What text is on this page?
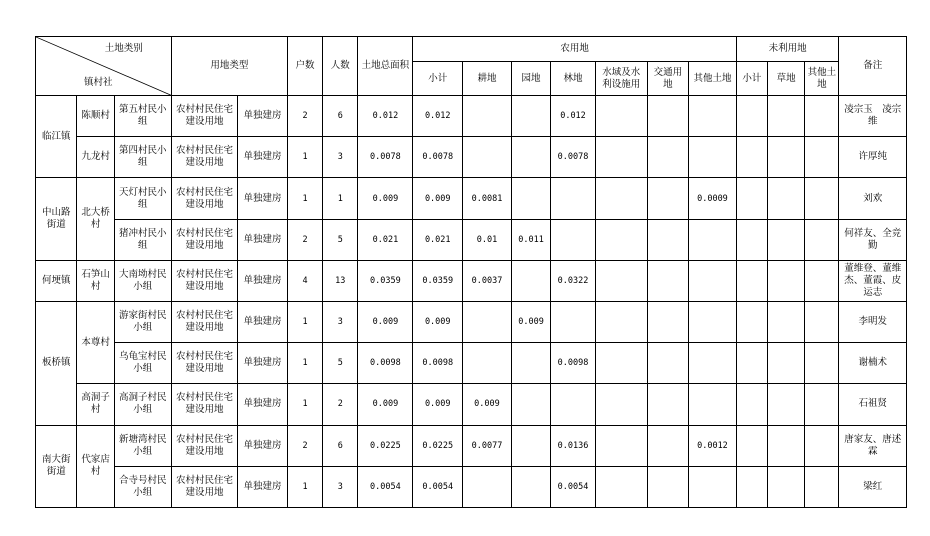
土地类别
镇村社			用地类型		户数	人数	土地总面积	农用地							未利用地			备注
								小计	耕地	园地	林地	水域及水利设施用	交通用地	其他土地	小计	草地	其他土地	
临江镇	陈顺村	第五村民小组	农村村民住宅建设用地	单独建房	2	6	0.012	0.012			0.012							凌宗玉　凌宗维
	九龙村	第四村民小组	农村村民住宅建设用地	单独建房	1	3	0.0078	0.0078			0.0078							许厚纯
中山路街道	北大桥村	天灯村民小组	农村村民住宅建设用地	单独建房	1	1	0.009	0.009	0.0081					0.0009				刘欢
		猪冲村民小组	农村村民住宅建设用地	单独建房	2	5	0.021	0.021	0.01	0.011								何祥友、全竞勤
何埂镇	石笋山村	大南坳村民小组	农村村民住宅建设用地	单独建房	4	13	0.0359	0.0359	0.0037		0.0322							董维登、董维杰、董霞、皮运志
板桥镇	本尊村	游家街村民小组	农村村民住宅建设用地	单独建房	1	3	0.009	0.009		0.009								李明发
		乌龟宝村民小组	农村村民住宅建设用地	单独建房	1	5	0.0098	0.0098			0.0098							谢楠术
	高洞子村	高洞子村民小组	农村村民住宅建设用地	单独建房	1	2	0.009	0.009	0.009									石祖贤
南大街街道	代家店村	新塘湾村民小组	农村村民住宅建设用地	单独建房	2	6	0.0225	0.0225	0.0077		0.0136			0.0012				唐家友、唐述霖
		合寺号村民小组	农村村民住宅建设用地	单独建房	1	3	0.0054	0.0054			0.0054							梁红
